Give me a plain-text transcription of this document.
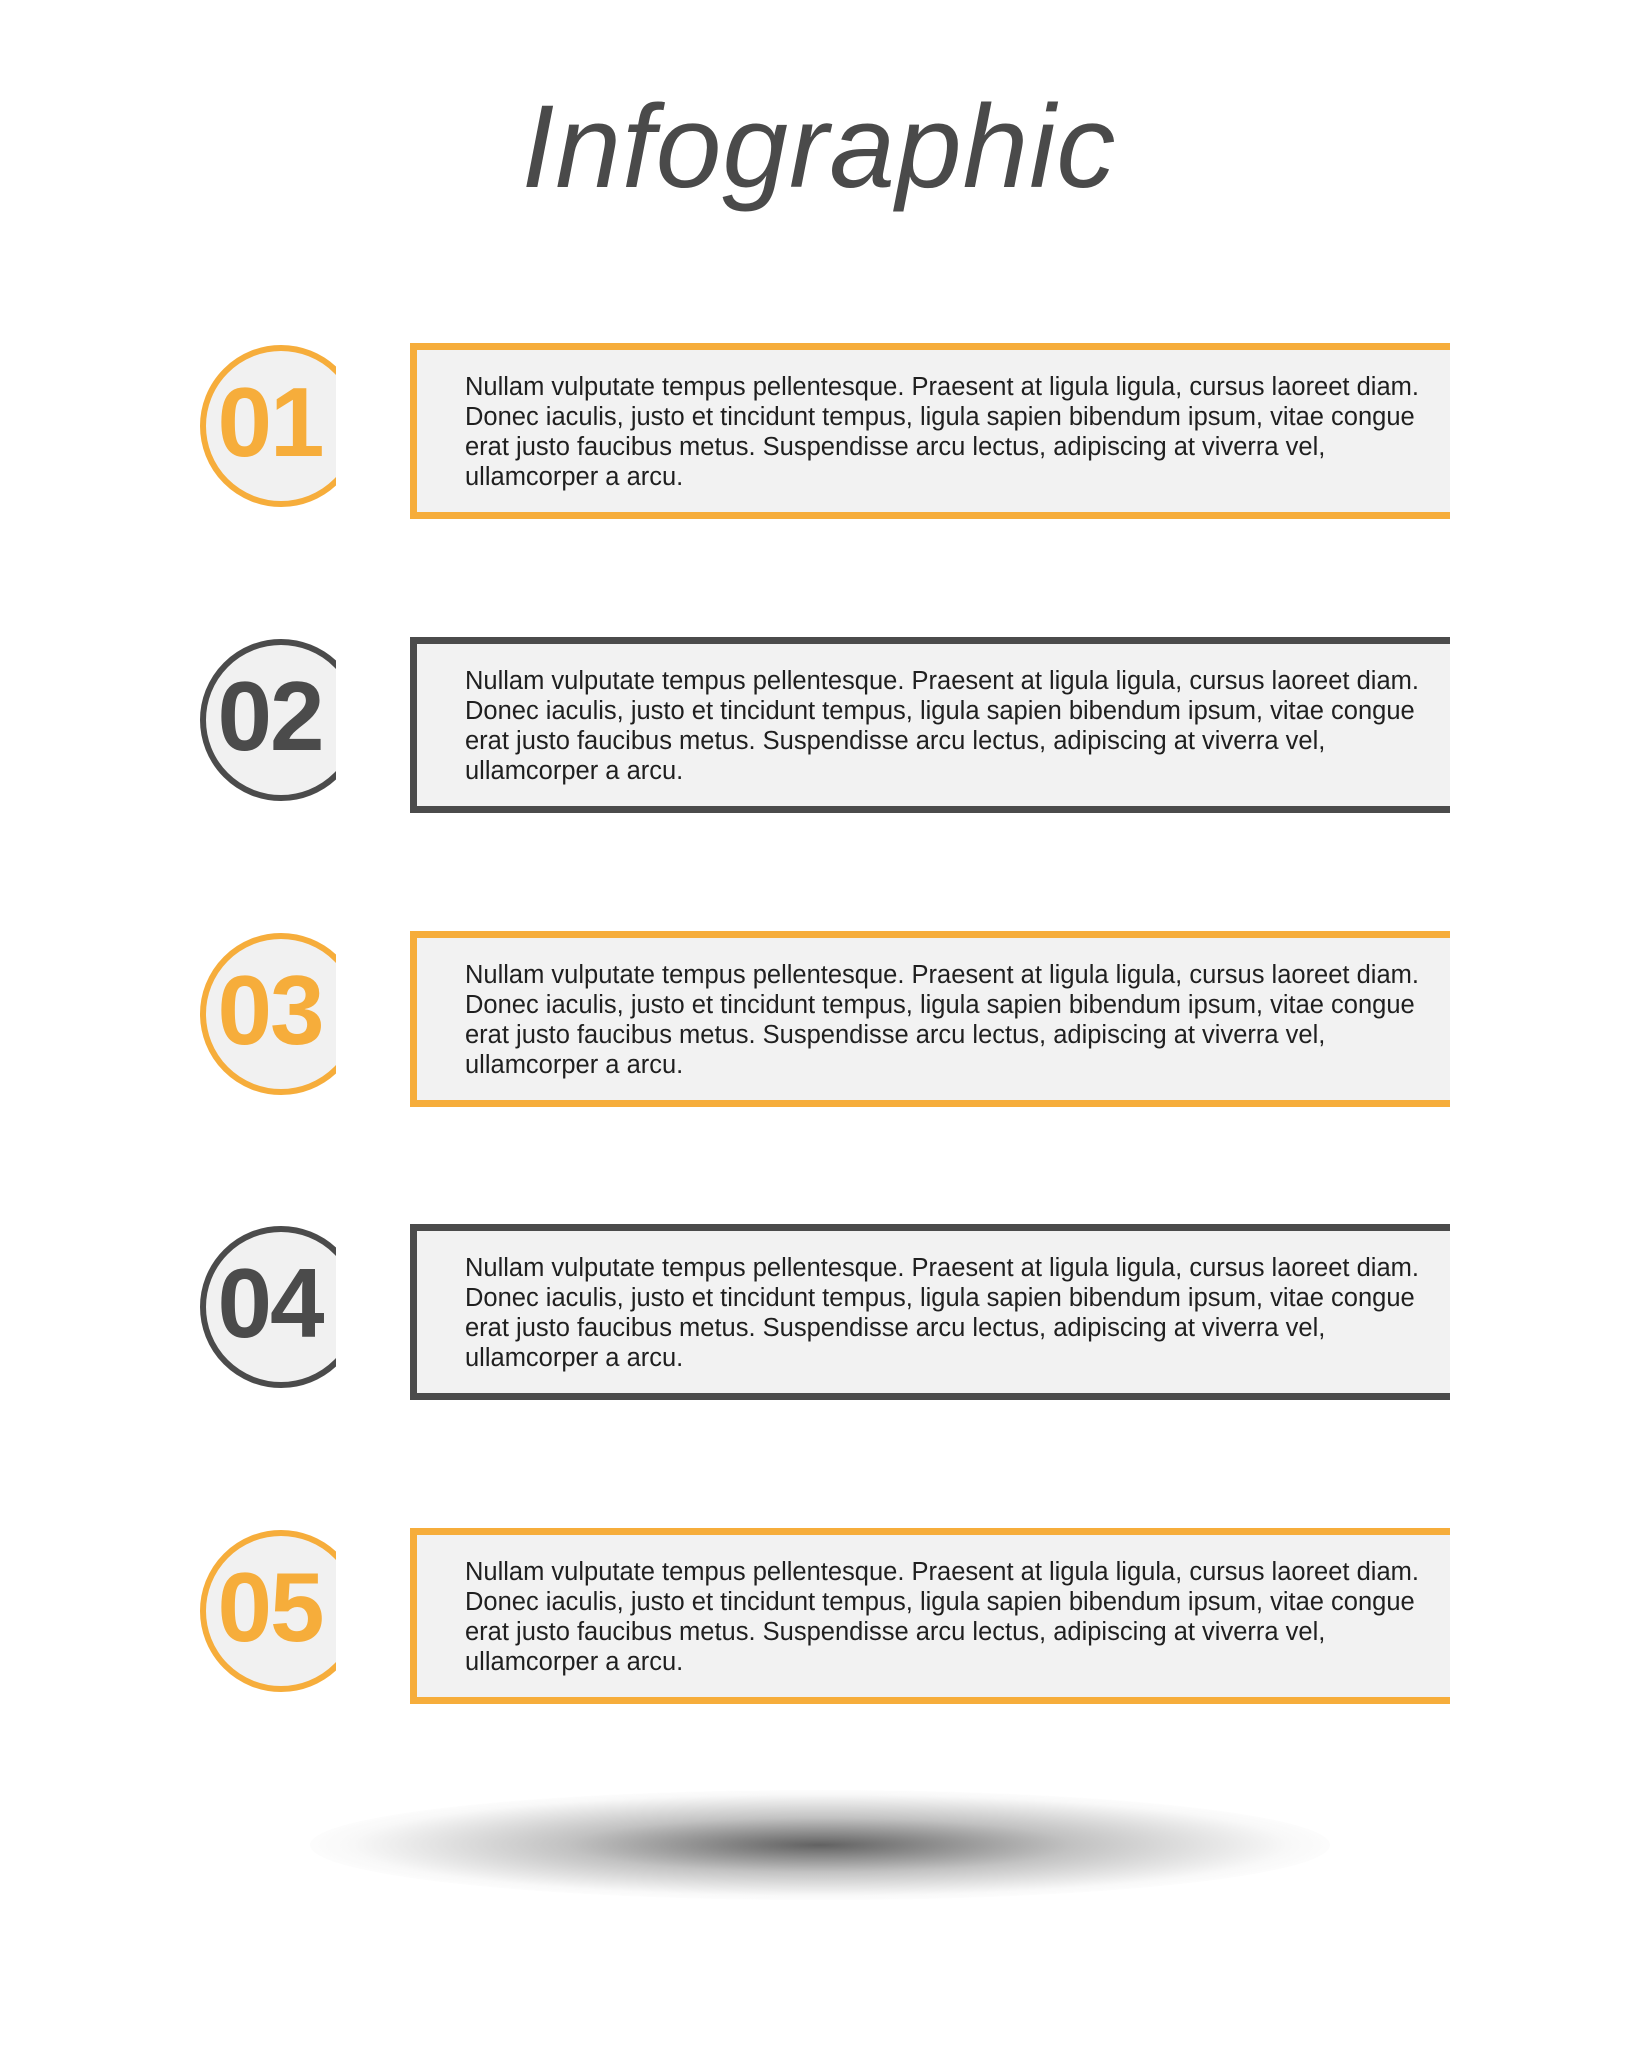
Infographic
01	Nullam vulputate tempus pellentesque. Praesent at ligula ligula, cursus laoreet diam. Donec iaculis, justo et tincidunt tempus, ligula sapien bibendum ipsum, vitae congue erat justo faucibus metus. Suspendisse arcu lectus, adipiscing at viverra vel, ullamcorper a arcu.
02	Nullam vulputate tempus pellentesque. Praesent at ligula ligula, cursus laoreet diam. Donec iaculis, justo et tincidunt tempus, ligula sapien bibendum ipsum, vitae congue erat justo faucibus metus. Suspendisse arcu lectus, adipiscing at viverra vel, ullamcorper a arcu.
03	Nullam vulputate tempus pellentesque. Praesent at ligula ligula, cursus laoreet diam. Donec iaculis, justo et tincidunt tempus, ligula sapien bibendum ipsum, vitae congue erat justo faucibus metus. Suspendisse arcu lectus, adipiscing at viverra vel, ullamcorper a arcu.
04	Nullam vulputate tempus pellentesque. Praesent at ligula ligula, cursus laoreet diam. Donec iaculis, justo et tincidunt tempus, ligula sapien bibendum ipsum, vitae congue erat justo faucibus metus. Suspendisse arcu lectus, adipiscing at viverra vel, ullamcorper a arcu.
05	Nullam vulputate tempus pellentesque. Praesent at ligula ligula, cursus laoreet diam. Donec iaculis, justo et tincidunt tempus, ligula sapien bibendum ipsum, vitae congue erat justo faucibus metus. Suspendisse arcu lectus, adipiscing at viverra vel, ullamcorper a arcu.
